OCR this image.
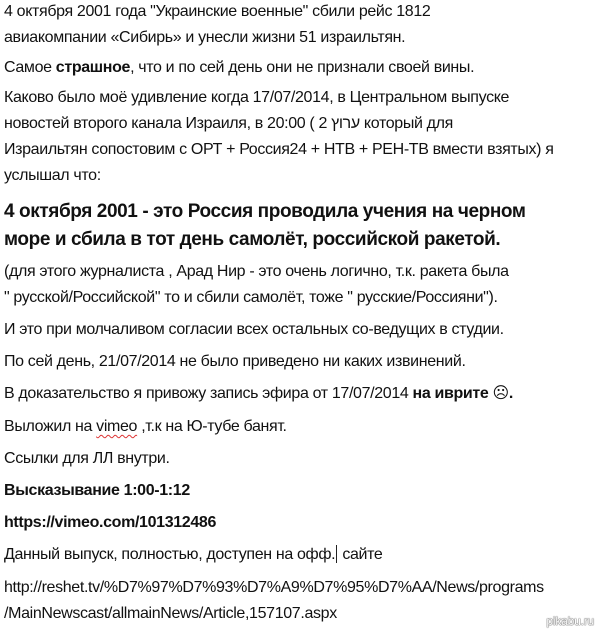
4 октября 2001 года "Украинские военные" сбили рейс 1812
авиакомпании «Сибирь» и унесли жизни 51 израильтян.
Самое страшное, что и по сей день они не признали своей вины.
Каково было моё удивление когда 17/07/2014, в Центральном выпуске
новостей второго канала Израиля, в 20:00 ( 2 ערוץ который для
Израильтян сопостовим с ОРТ + Россия24 + НТВ + РЕН-ТВ вмести взятых) я
услышал что:
4 октября 2001 - это Россия проводила учения на черном
море и сбила в тот день самолёт, российской ракетой.
(для этого журналиста , Арад Нир - это очень логично, т.к. ракета была
" русской/Российской" то и сбили самолёт, тоже " русские/Россияни").
И это при молчаливом согласии всех остальных со-ведущих в студии.
По сей день, 21/07/2014 не было приведено ни каких извинений.
В доказательство я привожу запись эфира от 17/07/2014 на иврите ☹.
Выложил на vimeo ,т.к на Ю-тубе банят.
Ссылки для ЛЛ внутри.
Высказывание 1:00-1:12
https://vimeo.com/101312486
Данный выпуск, полностью, доступен на офф. сайте
http://reshet.tv/%D7%97%D7%93%D7%A9%D7%95%D7%AA/News/programs
/MainNewscast/allmainNews/Article,157107.aspx	pikabu.ru
